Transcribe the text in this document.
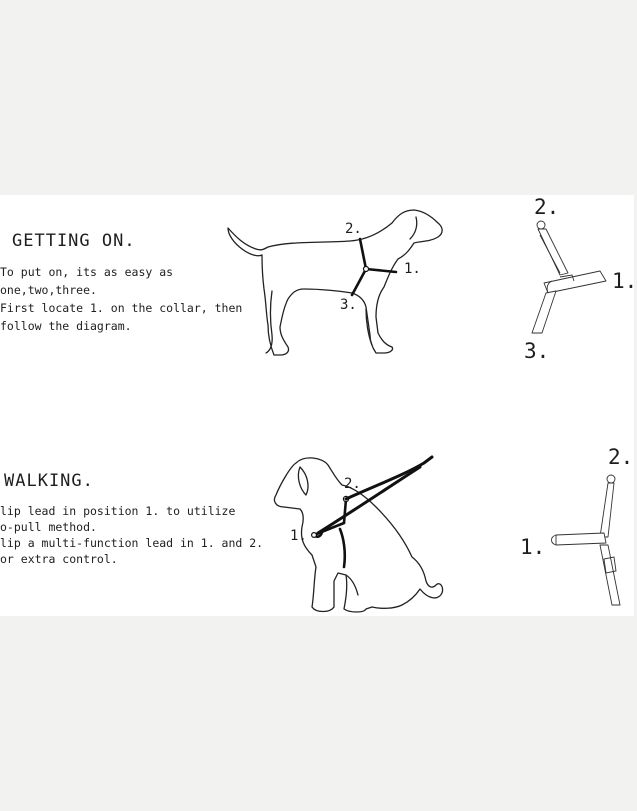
GETTING ON.
To put on, its as easy as
one,two,three.
First locate 1. on the collar, then
follow the diagram.
2.
1.
3.
2.
1.
3.
WALKING.
lip lead in position 1. to utilize
o-pull method.
lip a multi-function lead in 1. and 2.
or extra control.
2.
1.
2.
1.
